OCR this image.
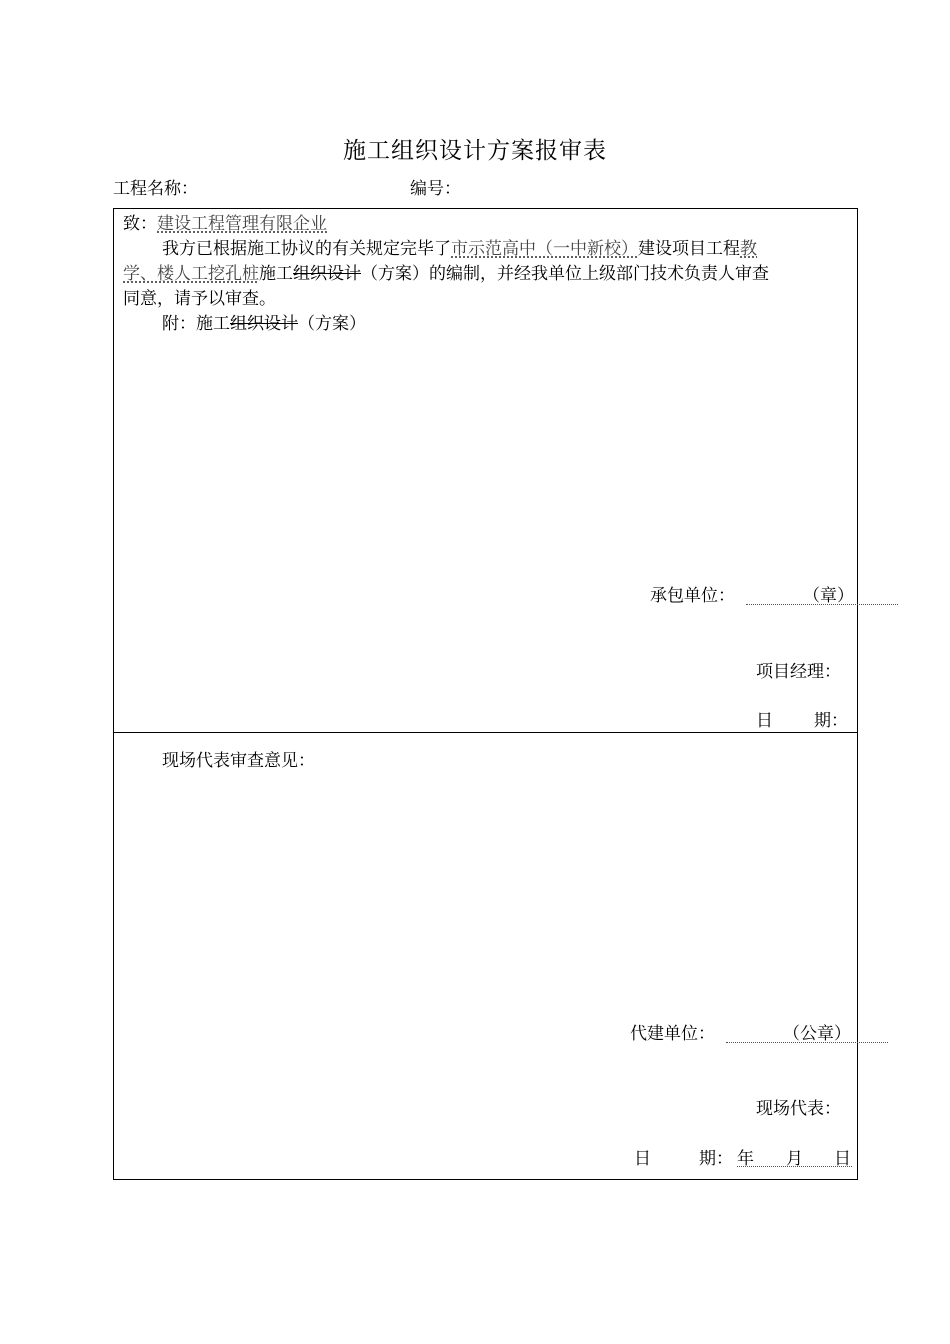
施工组织设计方案报审表
工程名称：	编号：
致：建设工程管理有限企业
我方已根据施工协议的有关规定完毕了市示范高中（一中新校）建设项目工程教
学、楼人工挖孔桩施工组织设计（方案）的编制，并经我单位上级部门技术负责人审查
同意，请予以审查。
附：施工组织设计（方案）
承包单位：	（章）
项目经理：
日 期：
现场代表审查意见：
代建单位：	（公章）
现场代表：
日	期： 年 月 日
